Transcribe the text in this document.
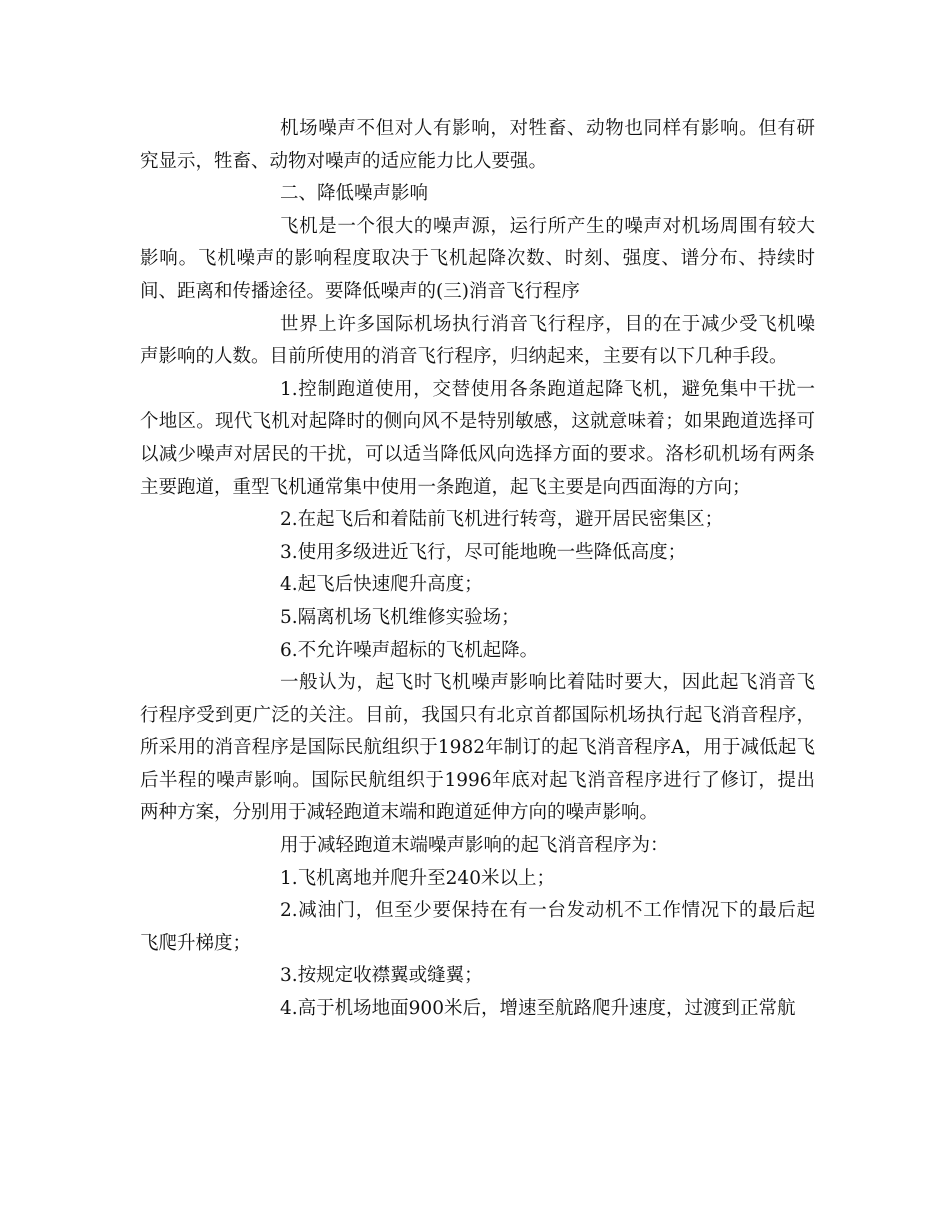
机场噪声不但对人有影响，对牲畜、动物也同样有影响。但有研究显示，牲畜、动物对噪声的适应能力比人要强。

二、降低噪声影响

飞机是一个很大的噪声源，运行所产生的噪声对机场周围有较大影响。飞机噪声的影响程度取决于飞机起降次数、时刻、强度、谱分布、持续时间、距离和传播途径。要降低噪声的(三)消音飞行程序

世界上许多国际机场执行消音飞行程序，目的在于减少受飞机噪声影响的人数。目前所使用的消音飞行程序，归纳起来，主要有以下几种手段。

1.控制跑道使用，交替使用各条跑道起降飞机，避免集中干扰一个地区。现代飞机对起降时的侧向风不是特别敏感，这就意味着；如果跑道选择可以减少噪声对居民的干扰，可以适当降低风向选择方面的要求。洛杉矶机场有两条主要跑道，重型飞机通常集中使用一条跑道，起飞主要是向西面海的方向；

2.在起飞后和着陆前飞机进行转弯，避开居民密集区；

3.使用多级进近飞行，尽可能地晚一些降低高度；

4.起飞后快速爬升高度；

5.隔离机场飞机维修实验场；

6.不允许噪声超标的飞机起降。

一般认为，起飞时飞机噪声影响比着陆时要大，因此起飞消音飞行程序受到更广泛的关注。目前，我国只有北京首都国际机场执行起飞消音程序，所采用的消音程序是国际民航组织于1982年制订的起飞消音程序A，用于减低起飞后半程的噪声影响。国际民航组织于1996年底对起飞消音程序进行了修订，提出两种方案，分别用于减轻跑道末端和跑道延伸方向的噪声影响。

用于减轻跑道末端噪声影响的起飞消音程序为：

1.飞机离地并爬升至240米以上；

2.减油门，但至少要保持在有一台发动机不工作情况下的最后起飞爬升梯度；

3.按规定收襟翼或缝翼；

4.高于机场地面900米后，增速至航路爬升速度，过渡到正常航
